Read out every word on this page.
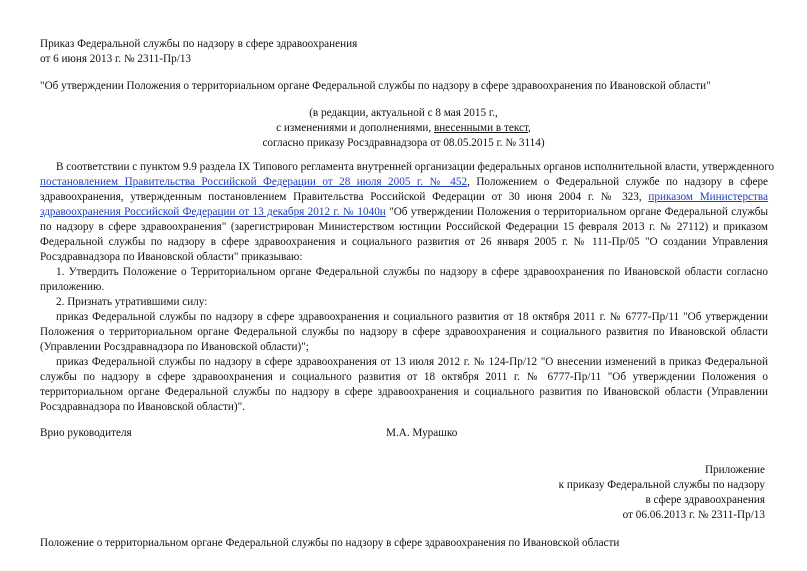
Приказ Федеральной службы по надзору в сфере здравоохранения
от 6 июня 2013 г. № 2311-Пр/13
"Об утверждении Положения о территориальном органе Федеральной службы по надзору в сфере здравоохранения по Ивановской области"
(в редакции, актуальной с 8 мая 2015 г.,
с изменениями и дополнениями, внесенными в текст,
согласно приказу Росздравнадзора от 08.05.2015 г. № 3114)
В соответствии с пунктом 9.9 раздела IX Типового регламента внутренней организации федеральных органов исполнительной власти, утвержденного
постановлением Правительства Российской Федерации от 28 июля 2005 г. № 452, Положением о Федеральной службе по надзору в сфере
здравоохранения, утвержденным постановлением Правительства Российской Федерации от 30 июня 2004 г. № 323, приказом Министерства
здравоохранения Российской Федерации от 13 декабря 2012 г. № 1040н "Об утверждении Положения о территориальном органе Федеральной службы
по надзору в сфере здравоохранения" (зарегистрирован Министерством юстиции Российской Федерации 15 февраля 2013 г. № 27112) и приказом
Федеральной службы по надзору в сфере здравоохранения и социального развития от 26 января 2005 г. № 111-Пр/05 "О создании Управления
Росздравнадзора по Ивановской области" приказываю:
1. Утвердить Положение о Территориальном органе Федеральной службы по надзору в сфере здравоохранения по Ивановской области согласно
приложению.
2. Признать утратившими силу:
приказ Федеральной службы по надзору в сфере здравоохранения и социального развития от 18 октября 2011 г. № 6777-Пр/11 "Об утверждении
Положения о территориальном органе Федеральной службы по надзору в сфере здравоохранения и социального развития по Ивановской области
(Управлении Росздравнадзора по Ивановской области)";
приказ Федеральной службы по надзору в сфере здравоохранения от 13 июля 2012 г. № 124-Пр/12 "О внесении изменений в приказ Федеральной
службы по надзору в сфере здравоохранения и социального развития от 18 октября 2011 г. № 6777-Пр/11 "Об утверждении Положения о
территориальном органе Федеральной службы по надзору в сфере здравоохранения и социального развития по Ивановской области (Управлении
Росздравнадзора по Ивановской области)".
Врио руководителя	М.А. Мурашко
Приложение
к приказу Федеральной службы по надзору
в сфере здравоохранения
от 06.06.2013 г. № 2311-Пр/13
Положение о территориальном органе Федеральной службы по надзору в сфере здравоохранения по Ивановской области
